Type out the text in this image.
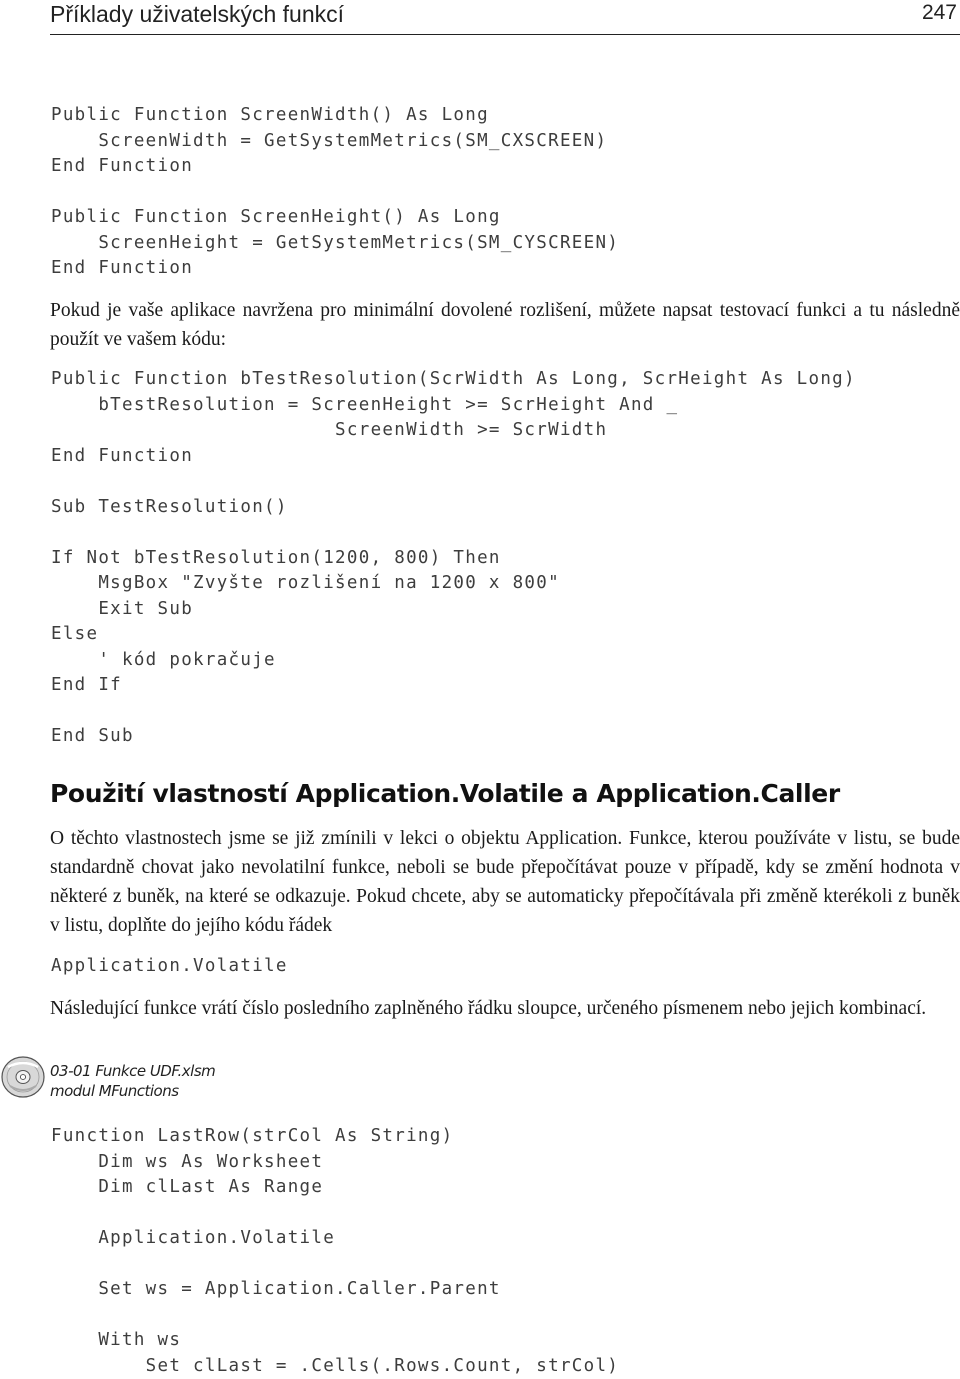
Příklady uživatelských funkcí	247
Public Function ScreenWidth() As Long
ScreenWidth = GetSystemMetrics(SM_CXSCREEN)
End Function

Public Function ScreenHeight() As Long
ScreenHeight = GetSystemMetrics(SM_CYSCREEN)
End Function

Pokud je vaše aplikace navržena pro minimální dovolené rozlišení, můžete napsat testovací funkci a tu následně použít ve vašem kódu:

Public Function bTestResolution(ScrWidth As Long, ScrHeight As Long)
bTestResolution = ScreenHeight >= ScrHeight And _
ScreenWidth >= ScrWidth
End Function

Sub TestResolution()

If Not bTestResolution(1200, 800) Then
MsgBox "Zvyšte rozlišení na 1200 x 800"
Exit Sub
Else
' kód pokračuje
End If

End Sub
Použití vlastností Application.Volatile a Application.Caller

O těchto vlastnostech jsme se již zmínili v lekci o objektu Application. Funkce, kterou používáte v listu, se bude standardně chovat jako nevolatilní funkce, neboli se bude přepočítávat pouze v případě, kdy se změní hodnota v některé z buněk, na které se odkazuje. Pokud chcete, aby se automaticky přepočítávala při změně kterékoli z buněk v listu, doplňte do jejího kódu řádek

Application.Volatile

Následující funkce vrátí číslo posledního zaplněného řádku sloupce, určeného písmenem nebo jejich kombinací.

03-01 Funkce UDF.xlsm
modul MFunctions
Function LastRow(strCol As String)
Dim ws As Worksheet
Dim clLast As Range

Application.Volatile

Set ws = Application.Caller.Parent

With ws
Set clLast = .Cells(.Rows.Count, strCol)
